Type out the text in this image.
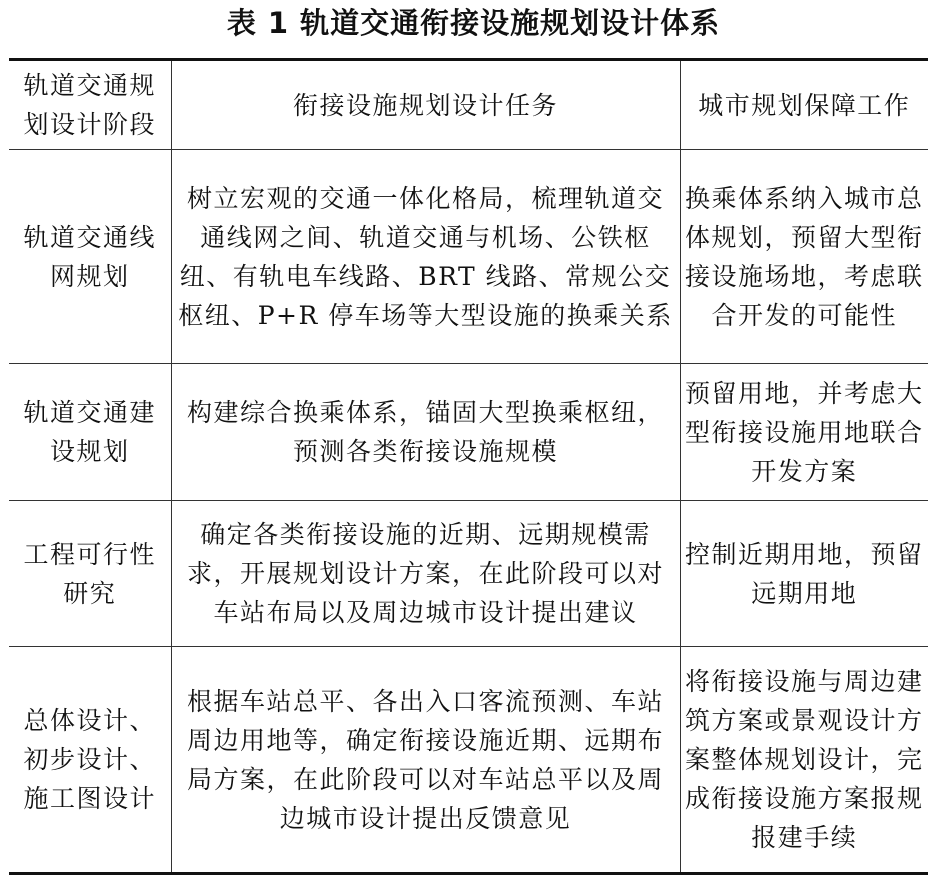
表 1 轨道交通衔接设施规划设计体系
轨道交通规划设计阶段	衔接设施规划设计任务	城市规划保障工作
轨道交通线网规划	树立宏观的交通一体化格局，梳理轨道交通线网之间、轨道交通与机场、公铁枢纽、有轨电车线路、BRT 线路、常规公交枢纽、P+R 停车场等大型设施的换乘关系	换乘体系纳入城市总体规划，预留大型衔接设施场地，考虑联合开发的可能性
轨道交通建设规划	构建综合换乘体系，锚固大型换乘枢纽，预测各类衔接设施规模	预留用地，并考虑大型衔接设施用地联合开发方案
工程可行性研究	确定各类衔接设施的近期、远期规模需求，开展规划设计方案，在此阶段可以对车站布局以及周边城市设计提出建议	控制近期用地，预留远期用地
总体设计、初步设计、施工图设计	根据车站总平、各出入口客流预测、车站周边用地等，确定衔接设施近期、远期布局方案，在此阶段可以对车站总平以及周边城市设计提出反馈意见	将衔接设施与周边建筑方案或景观设计方案整体规划设计，完成衔接设施方案报规报建手续
